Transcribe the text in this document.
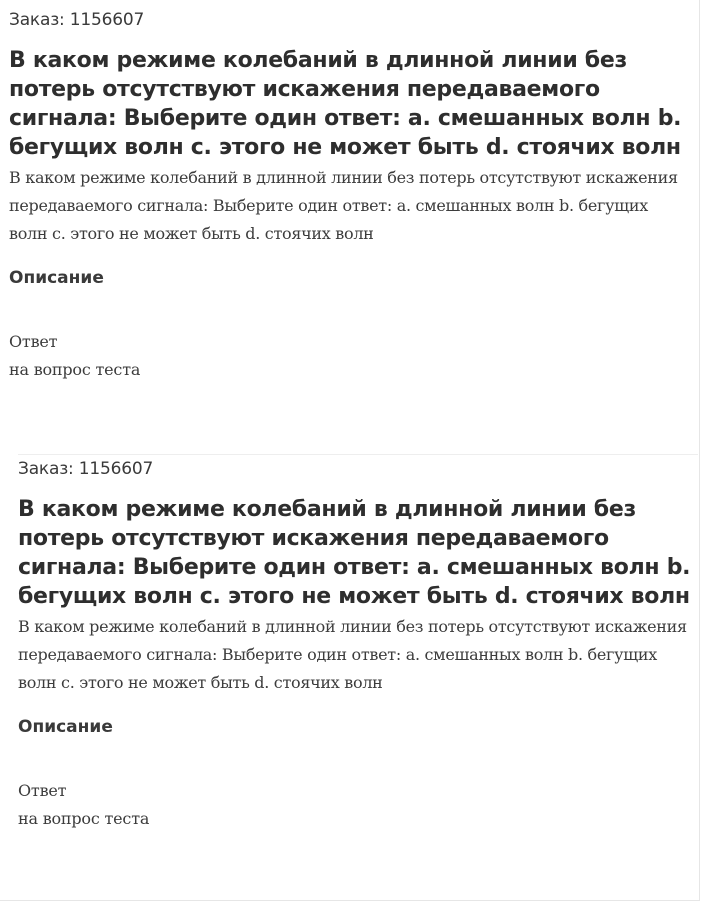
Заказ: 1156607

В каком режиме колебаний в длинной линии без потерь отсутствуют искажения передаваемого сигнала: Выберите один ответ: a. смешанных волн b. бегущих волн c. этого не может быть d. стоячих волн

В каком режиме колебаний в длинной линии без потерь отсутствуют искажения передаваемого сигнала: Выберите один ответ: a. смешанных волн b. бегущих волн c. этого не может быть d. стоячих волн

Описание

Ответ
на вопрос теста

Заказ: 1156607

В каком режиме колебаний в длинной линии без потерь отсутствуют искажения передаваемого сигнала: Выберите один ответ: a. смешанных волн b. бегущих волн c. этого не может быть d. стоячих волн

В каком режиме колебаний в длинной линии без потерь отсутствуют искажения передаваемого сигнала: Выберите один ответ: a. смешанных волн b. бегущих волн c. этого не может быть d. стоячих волн

Описание

Ответ
на вопрос теста
